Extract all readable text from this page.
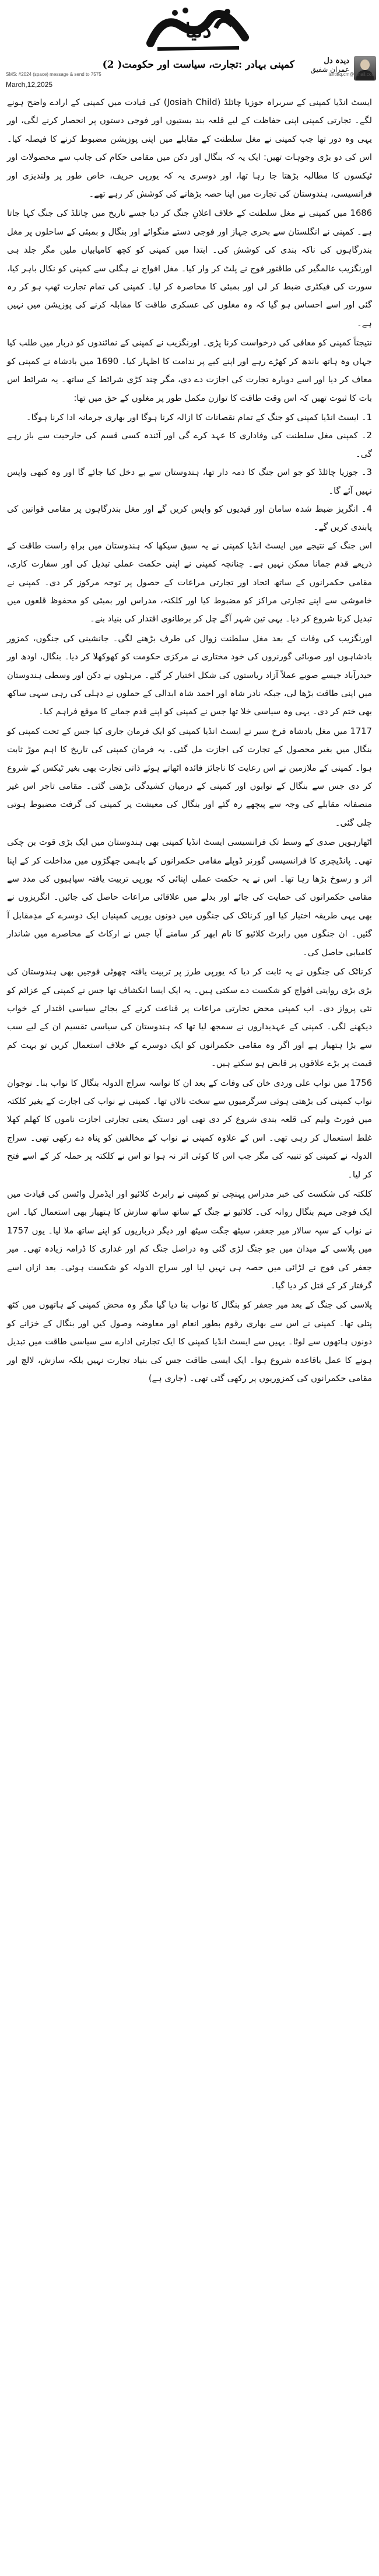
دنیا
دیدہ دل
عمران شفیق
کمپنی بہادر :تجارت، سیاست اور حکومت( 2)
SMS: #2024 (space) message & send to 7575	ishtiaq.cm@gmail.com
March,12,2025

ایسٹ انڈیا کمپنی کے سربراہ جوزیا چائلڈ (Josiah Child) کی قیادت میں کمپنی کے ارادے واضح ہونے لگے۔ تجارتی کمپنی اپنی حفاظت کے لیے قلعہ بند بستیوں اور فوجی دستوں پر انحصار کرنے لگی، اور یہی وہ دور تھا جب کمپنی نے مغل سلطنت کے مقابلے میں اپنی پوزیشن مضبوط کرنے کا فیصلہ کیا۔ اس کی دو بڑی وجوہات تھیں: ایک یہ کہ بنگال اور دکن میں مقامی حکام کی جانب سے محصولات اور ٹیکسوں کا مطالبہ بڑھتا جا رہا تھا، اور دوسری یہ کہ یورپی حریف، خاص طور پر ولندیزی اور فرانسیسی، ہندوستان کی تجارت میں اپنا حصہ بڑھانے کی کوشش کر رہے تھے۔

1686 میں کمپنی نے مغل سلطنت کے خلاف اعلانِ جنگ کر دیا جسے تاریخ میں چائلڈ کی جنگ کہا جاتا ہے۔ کمپنی نے انگلستان سے بحری جہاز اور فوجی دستے منگوائے اور بنگال و بمبئی کے ساحلوں پر مغل بندرگاہوں کی ناکہ بندی کی کوشش کی۔ ابتدا میں کمپنی کو کچھ کامیابیاں ملیں مگر جلد ہی اورنگزیب عالمگیر کی طاقتور فوج نے پلٹ کر وار کیا۔ مغل افواج نے ہگلی سے کمپنی کو نکال باہر کیا، سورت کی فیکٹری ضبط کر لی اور بمبئی کا محاصرہ کر لیا۔ کمپنی کی تمام تجارت ٹھپ ہو کر رہ گئی اور اسے احساس ہو گیا کہ وہ مغلوں کی عسکری طاقت کا مقابلہ کرنے کی پوزیشن میں نہیں ہے۔

نتیجتاً کمپنی کو معافی کی درخواست کرنا پڑی۔ اورنگزیب نے کمپنی کے نمائندوں کو دربار میں طلب کیا جہاں وہ ہاتھ باندھ کر کھڑے رہے اور اپنے کیے پر ندامت کا اظہار کیا۔ 1690 میں بادشاہ نے کمپنی کو معاف کر دیا اور اسے دوبارہ تجارت کی اجازت دے دی، مگر چند کڑی شرائط کے ساتھ۔ یہ شرائط اس بات کا ثبوت تھیں کہ اس وقت طاقت کا توازن مکمل طور پر مغلوں کے حق میں تھا:

1۔ ایسٹ انڈیا کمپنی کو جنگ کے تمام نقصانات کا ازالہ کرنا ہوگا اور بھاری جرمانہ ادا کرنا ہوگا۔
2۔ کمپنی مغل سلطنت کی وفاداری کا عہد کرے گی اور آئندہ کسی قسم کی جارحیت سے باز رہے گی۔
3۔ جوزیا چائلڈ کو جو اس جنگ کا ذمہ دار تھا، ہندوستان سے بے دخل کیا جائے گا اور وہ کبھی واپس نہیں آئے گا۔
4۔ انگریز ضبط شدہ سامان اور قیدیوں کو واپس کریں گے اور مغل بندرگاہوں پر مقامی قوانین کی پابندی کریں گے۔

اس جنگ کے نتیجے میں ایسٹ انڈیا کمپنی نے یہ سبق سیکھا کہ ہندوستان میں براہِ راست طاقت کے ذریعے قدم جمانا ممکن نہیں ہے۔ چنانچہ کمپنی نے اپنی حکمت عملی تبدیل کی اور سفارت کاری، مقامی حکمرانوں کے ساتھ اتحاد اور تجارتی مراعات کے حصول پر توجہ مرکوز کر دی۔ کمپنی نے خاموشی سے اپنے تجارتی مراکز کو مضبوط کیا اور کلکتہ، مدراس اور بمبئی کو محفوظ قلعوں میں تبدیل کرنا شروع کر دیا۔ یہی تین شہر آگے چل کر برطانوی اقتدار کی بنیاد بنے۔

اورنگزیب کی وفات کے بعد مغل سلطنت زوال کی طرف بڑھنے لگی۔ جانشینی کی جنگوں، کمزور بادشاہوں اور صوبائی گورنروں کی خود مختاری نے مرکزی حکومت کو کھوکھلا کر دیا۔ بنگال، اودھ اور حیدرآباد جیسے صوبے عملاً آزاد ریاستوں کی شکل اختیار کر گئے۔ مرہٹوں نے دکن اور وسطی ہندوستان میں اپنی طاقت بڑھا لی، جبکہ نادر شاہ اور احمد شاہ ابدالی کے حملوں نے دہلی کی رہی سہی ساکھ بھی ختم کر دی۔ یہی وہ سیاسی خلا تھا جس نے کمپنی کو اپنے قدم جمانے کا موقع فراہم کیا۔

1717 میں مغل بادشاہ فرخ سیر نے ایسٹ انڈیا کمپنی کو ایک فرمان جاری کیا جس کے تحت کمپنی کو بنگال میں بغیر محصول کے تجارت کی اجازت مل گئی۔ یہ فرمان کمپنی کی تاریخ کا اہم موڑ ثابت ہوا۔ کمپنی کے ملازمین نے اس رعایت کا ناجائز فائدہ اٹھاتے ہوئے ذاتی تجارت بھی بغیر ٹیکس کے شروع کر دی جس سے بنگال کے نوابوں اور کمپنی کے درمیان کشیدگی بڑھتی گئی۔ مقامی تاجر اس غیر منصفانہ مقابلے کی وجہ سے پیچھے رہ گئے اور بنگال کی معیشت پر کمپنی کی گرفت مضبوط ہوتی چلی گئی۔

اٹھارہویں صدی کے وسط تک فرانسیسی ایسٹ انڈیا کمپنی بھی ہندوستان میں ایک بڑی قوت بن چکی تھی۔ پانڈیچری کا فرانسیسی گورنر ڈوپلے مقامی حکمرانوں کے باہمی جھگڑوں میں مداخلت کر کے اپنا اثر و رسوخ بڑھا رہا تھا۔ اس نے یہ حکمت عملی اپنائی کہ یورپی تربیت یافتہ سپاہیوں کی مدد سے مقامی حکمرانوں کی حمایت کی جائے اور بدلے میں علاقائی مراعات حاصل کی جائیں۔ انگریزوں نے بھی یہی طریقہ اختیار کیا اور کرناٹک کی جنگوں میں دونوں یورپی کمپنیاں ایک دوسرے کے مدِمقابل آ گئیں۔ ان جنگوں میں رابرٹ کلائیو کا نام ابھر کر سامنے آیا جس نے ارکاٹ کے محاصرے میں شاندار کامیابی حاصل کی۔

کرناٹک کی جنگوں نے یہ ثابت کر دیا کہ یورپی طرز پر تربیت یافتہ چھوٹی فوجیں بھی ہندوستان کی بڑی بڑی روایتی افواج کو شکست دے سکتی ہیں۔ یہ ایک ایسا انکشاف تھا جس نے کمپنی کے عزائم کو نئی پرواز دی۔ اب کمپنی محض تجارتی مراعات پر قناعت کرنے کے بجائے سیاسی اقتدار کے خواب دیکھنے لگی۔ کمپنی کے عہدیداروں نے سمجھ لیا تھا کہ ہندوستان کی سیاسی تقسیم ان کے لیے سب سے بڑا ہتھیار ہے اور اگر وہ مقامی حکمرانوں کو ایک دوسرے کے خلاف استعمال کریں تو بہت کم قیمت پر بڑے علاقوں پر قابض ہو سکتے ہیں۔

1756 میں نواب علی وردی خان کی وفات کے بعد ان کا نواسہ سراج الدولہ بنگال کا نواب بنا۔ نوجوان نواب کمپنی کی بڑھتی ہوئی سرگرمیوں سے سخت نالاں تھا۔ کمپنی نے نواب کی اجازت کے بغیر کلکتہ میں فورٹ ولیم کی قلعہ بندی شروع کر دی تھی اور دستک یعنی تجارتی اجازت ناموں کا کھلم کھلا غلط استعمال کر رہی تھی۔ اس کے علاوہ کمپنی نے نواب کے مخالفین کو پناہ دے رکھی تھی۔ سراج الدولہ نے کمپنی کو تنبیہ کی مگر جب اس کا کوئی اثر نہ ہوا تو اس نے کلکتہ پر حملہ کر کے اسے فتح کر لیا۔

کلکتہ کی شکست کی خبر مدراس پہنچی تو کمپنی نے رابرٹ کلائیو اور ایڈمرل واٹسن کی قیادت میں ایک فوجی مہم بنگال روانہ کی۔ کلائیو نے جنگ کے ساتھ ساتھ سازش کا ہتھیار بھی استعمال کیا۔ اس نے نواب کے سپہ سالار میر جعفر، سیٹھ جگت سیٹھ اور دیگر درباریوں کو اپنے ساتھ ملا لیا۔ یوں 1757 میں پلاسی کے میدان میں جو جنگ لڑی گئی وہ دراصل جنگ کم اور غداری کا ڈرامہ زیادہ تھی۔ میر جعفر کی فوج نے لڑائی میں حصہ ہی نہیں لیا اور سراج الدولہ کو شکست ہوئی۔ بعد ازاں اسے گرفتار کر کے قتل کر دیا گیا۔

پلاسی کی جنگ کے بعد میر جعفر کو بنگال کا نواب بنا دیا گیا مگر وہ محض کمپنی کے ہاتھوں میں کٹھ پتلی تھا۔ کمپنی نے اس سے بھاری رقوم بطور انعام اور معاوضہ وصول کیں اور بنگال کے خزانے کو دونوں ہاتھوں سے لوٹا۔ یہیں سے ایسٹ انڈیا کمپنی کا ایک تجارتی ادارے سے سیاسی طاقت میں تبدیل ہونے کا عمل باقاعدہ شروع ہوا۔ ایک ایسی طاقت جس کی بنیاد تجارت نہیں بلکہ سازش، لالچ اور مقامی حکمرانوں کی کمزوریوں پر رکھی گئی تھی۔ (جاری ہے)
